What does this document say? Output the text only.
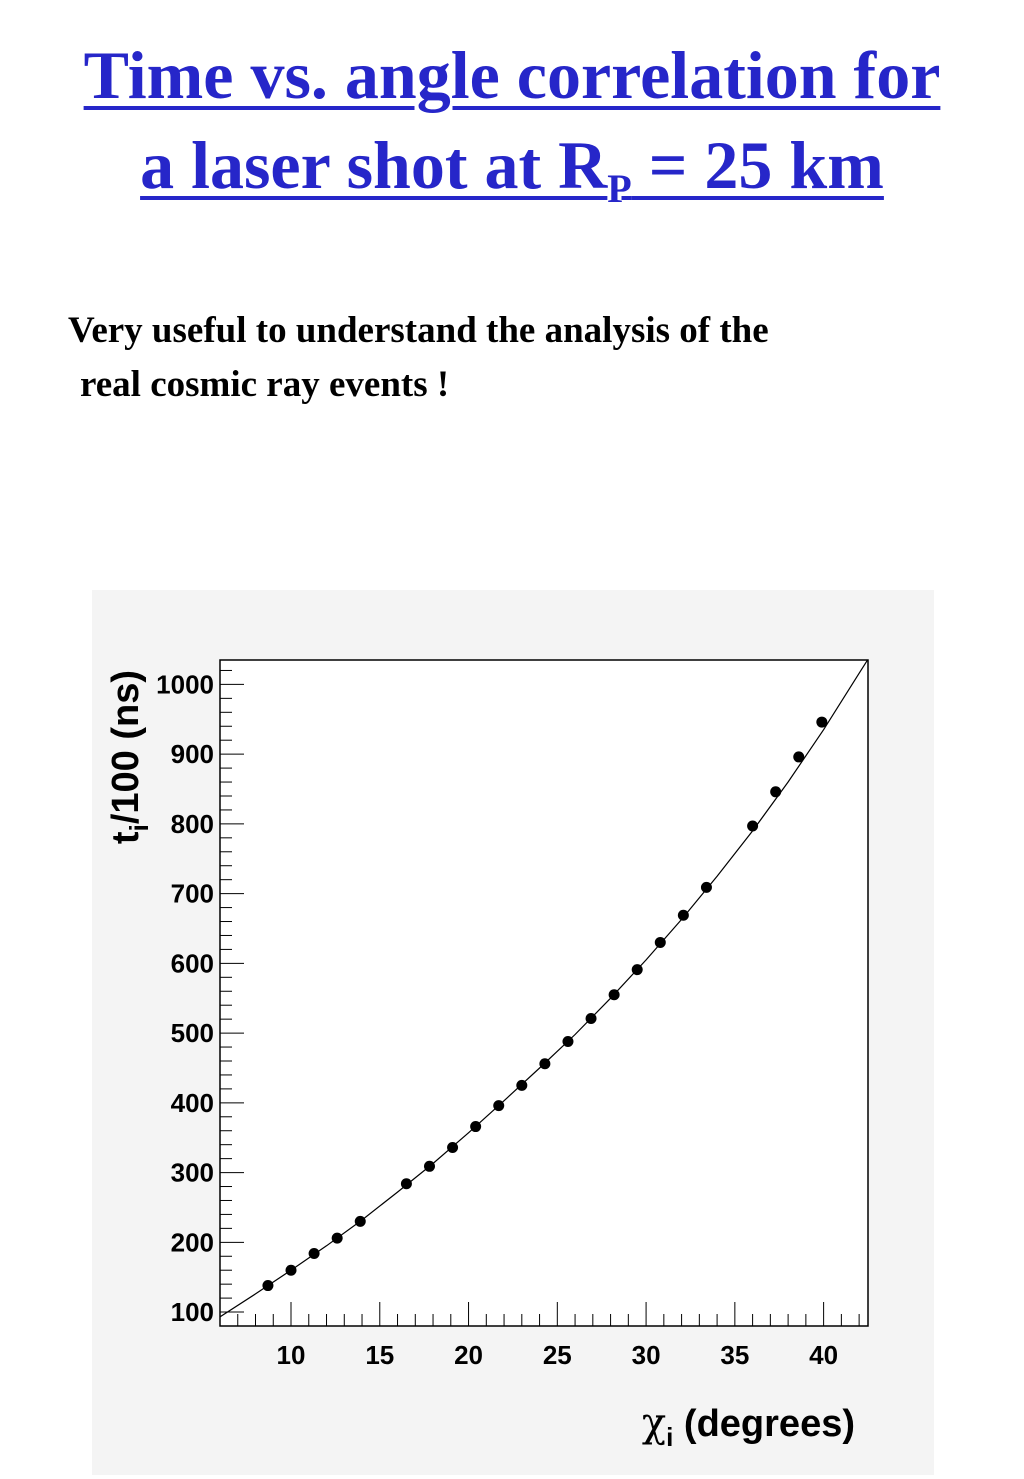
Time vs. angle correlation for
a laser shot at $R_P = 25$ km
Very useful to understand the analysis of the
real cosmic ray events !
100
200
300
400
500
600
700
800
900
1000
10 15 20 25 30 35 40
$\chi_i$ (degrees)
$t_i/100$ (ns)
